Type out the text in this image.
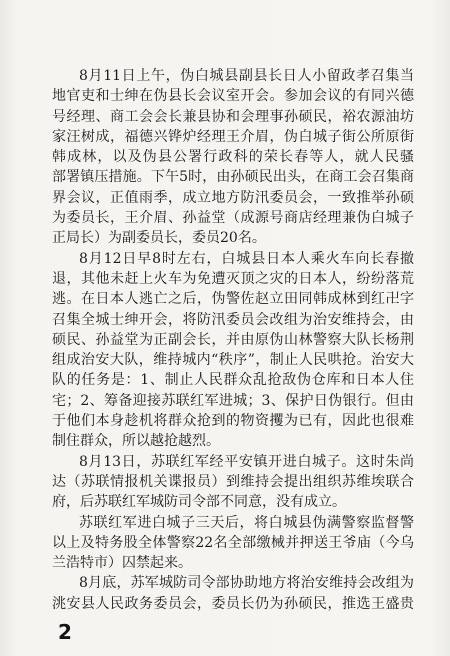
8月11日上午，伪白城县副县长日人小留政孝召集当
地官吏和士绅在伪县长会议室开会。参加会议的有同兴德
号经理、商工会会长兼县协和会理事孙硕民，裕农源油坊
家汪树成，福德兴铧炉经理王介眉，伪白城子街公所原街
韩成林，以及伪县公署行政科的荣长春等人，就人民骚
部署镇压措施。下午5时，由孙硕民出头，在商工会召集商
界会议，正值雨季，成立地方防汛委员会，一致推举孙硕
为委员长，王介眉、孙益堂（成源号商店经理兼伪白城子
正局长）为副委员长，委员20名。
8月12日早8时左右，白城县日本人乘火车向长春撤
退，其他未赶上火车为免遭灭顶之灾的日本人，纷纷落荒
逃。在日本人逃亡之后，伪警佐赵立田同韩成林到红卍字
召集全城士绅开会，将防汛委员会改组为治安维持会，由
硕民、孙益堂为正副会长，并由原伪山林警察大队长杨荆
组成治安大队，维持城内“秩序”，制止人民哄抢。治安大
队的任务是：1、制止人民群众乱抢敌伪仓库和日本人住
宅；2、筹备迎接苏联红军进城；3、保护日伪银行。但由
于他们本身趁机将群众抢到的物资攫为已有，因此也很难
制住群众，所以越抢越烈。
8月13日，苏联红军经平安镇开进白城子。这时朱尚
达（苏联情报机关谍报员）到维持会提出组织苏维埃联合
府，后苏联红军城防司令部不同意，没有成立。
苏联红军进白城子三天后，将白城县伪满警察监督警
以上及特务股全体警察22名全部缴械并押送王爷庙（今乌
兰浩特市）囚禁起来。
8月底，苏军城防司令部协助地方将治安维持会改组为
洮安县人民政务委员会，委员长仍为孙硕民，推选王盛贵
2
